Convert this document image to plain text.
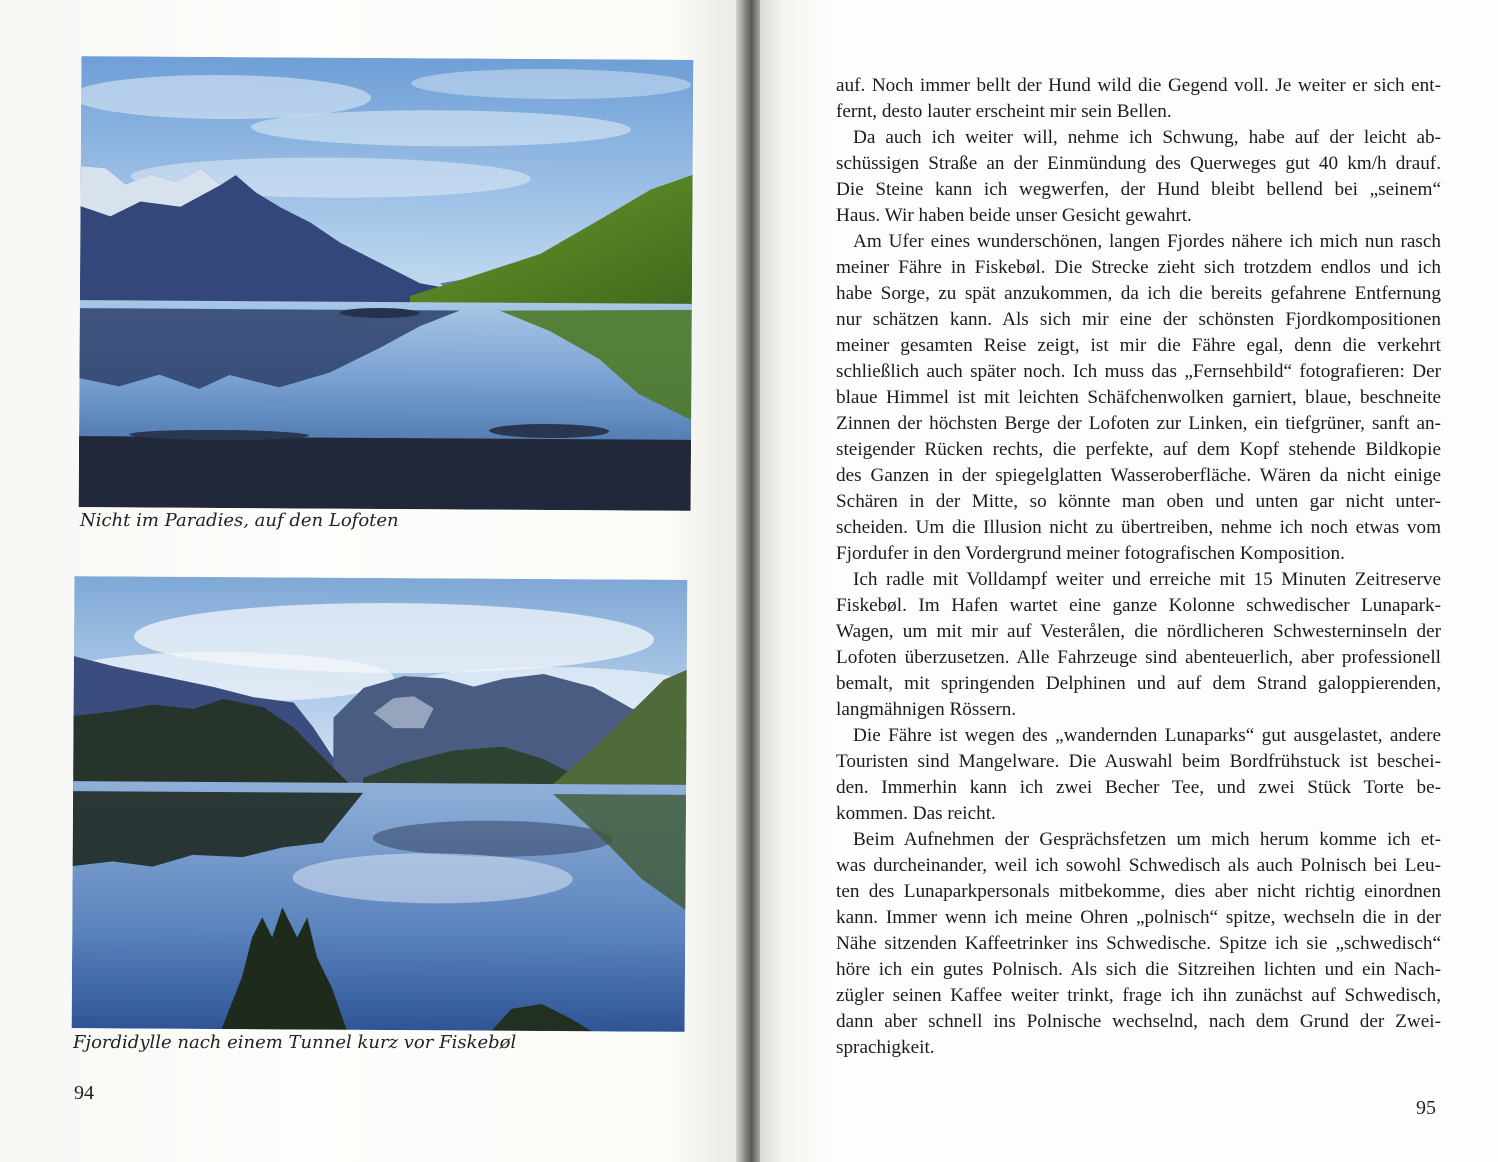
Nicht im Paradies, auf den Lofoten
Fjordidylle nach einem Tunnel kurz vor Fiskebøl
94
auf. Noch immer bellt der Hund wild die Gegend voll. Je weiter er sich ent-
fernt, desto lauter erscheint mir sein Bellen.
Da auch ich weiter will, nehme ich Schwung, habe auf der leicht ab-
schüssigen Straße an der Einmündung des Querweges gut 40 km/h drauf.
Die Steine kann ich wegwerfen, der Hund bleibt bellend bei „seinem“
Haus. Wir haben beide unser Gesicht gewahrt.
Am Ufer eines wunderschönen, langen Fjordes nähere ich mich nun rasch
meiner Fähre in Fiskebøl. Die Strecke zieht sich trotzdem endlos und ich
habe Sorge, zu spät anzukommen, da ich die bereits gefahrene Entfernung
nur schätzen kann. Als sich mir eine der schönsten Fjordkompositionen
meiner gesamten Reise zeigt, ist mir die Fähre egal, denn die verkehrt
schließlich auch später noch. Ich muss das „Fernsehbild“ fotografieren: Der
blaue Himmel ist mit leichten Schäfchenwolken garniert, blaue, beschneite
Zinnen der höchsten Berge der Lofoten zur Linken, ein tiefgrüner, sanft an-
steigender Rücken rechts, die perfekte, auf dem Kopf stehende Bildkopie
des Ganzen in der spiegelglatten Wasseroberfläche. Wären da nicht einige
Schären in der Mitte, so könnte man oben und unten gar nicht unter-
scheiden. Um die Illusion nicht zu übertreiben, nehme ich noch etwas vom
Fjordufer in den Vordergrund meiner fotografischen Komposition.
Ich radle mit Volldampf weiter und erreiche mit 15 Minuten Zeitreserve
Fiskebøl. Im Hafen wartet eine ganze Kolonne schwedischer Lunapark-
Wagen, um mit mir auf Vesterålen, die nördlicheren Schwesterninseln der
Lofoten überzusetzen. Alle Fahrzeuge sind abenteuerlich, aber professionell
bemalt, mit springenden Delphinen und auf dem Strand galoppierenden,
langmähnigen Rössern.
Die Fähre ist wegen des „wandernden Lunaparks“ gut ausgelastet, andere
Touristen sind Mangelware. Die Auswahl beim Bordfrühstuck ist beschei-
den. Immerhin kann ich zwei Becher Tee, und zwei Stück Torte be-
kommen. Das reicht.
Beim Aufnehmen der Gesprächsfetzen um mich herum komme ich et-
was durcheinander, weil ich sowohl Schwedisch als auch Polnisch bei Leu-
ten des Lunaparkpersonals mitbekomme, dies aber nicht richtig einordnen
kann. Immer wenn ich meine Ohren „polnisch“ spitze, wechseln die in der
Nähe sitzenden Kaffeetrinker ins Schwedische. Spitze ich sie „schwedisch“
höre ich ein gutes Polnisch. Als sich die Sitzreihen lichten und ein Nach-
zügler seinen Kaffee weiter trinkt, frage ich ihn zunächst auf Schwedisch,
dann aber schnell ins Polnische wechselnd, nach dem Grund der Zwei-
sprachigkeit.
95
